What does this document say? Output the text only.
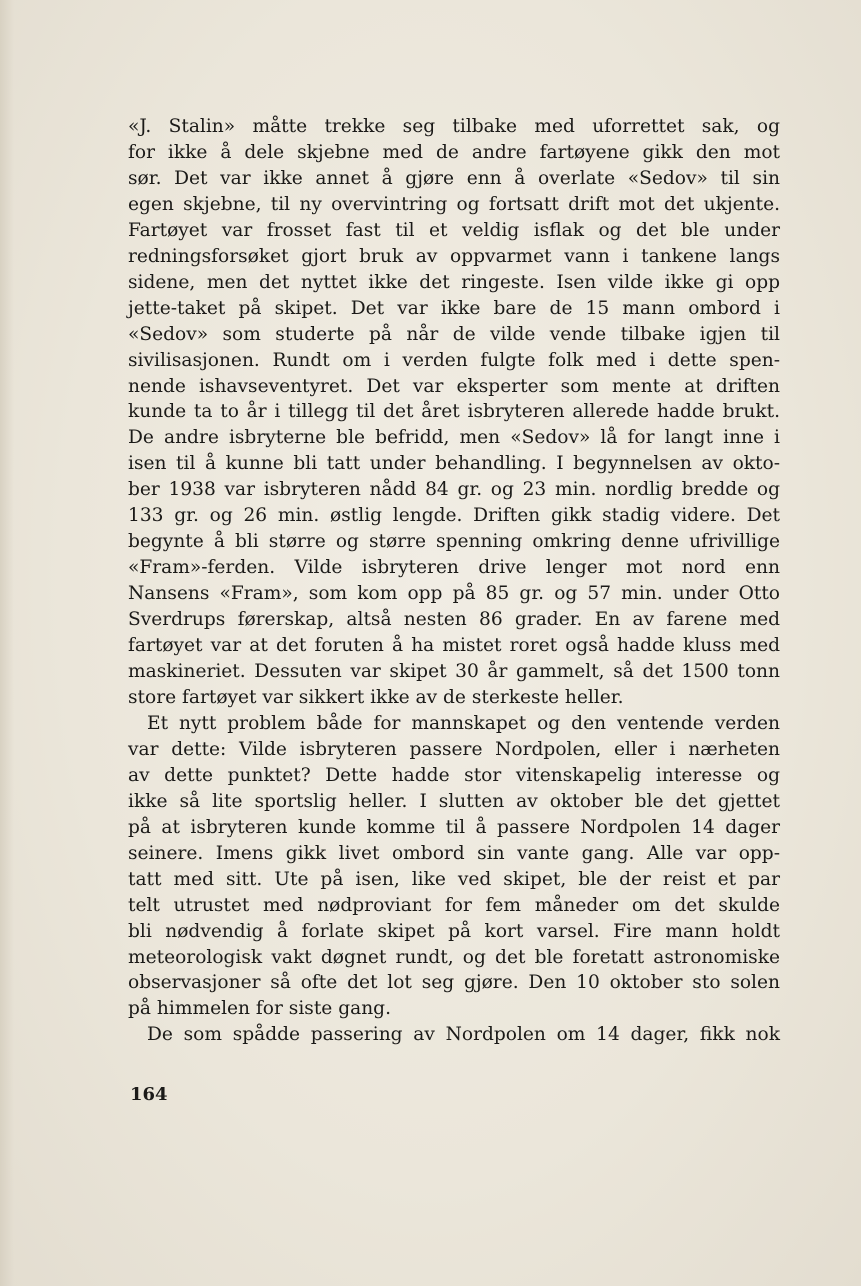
«J. Stalin» måtte trekke seg tilbake med uforrettet sak, og
for ikke å dele skjebne med de andre fartøyene gikk den mot
sør. Det var ikke annet å gjøre enn å overlate «Sedov» til sin
egen skjebne, til ny overvintring og fortsatt drift mot det ukjente.
Fartøyet var frosset fast til et veldig isflak og det ble under
redningsforsøket gjort bruk av oppvarmet vann i tankene langs
sidene, men det nyttet ikke det ringeste. Isen vilde ikke gi opp
jette-taket på skipet. Det var ikke bare de 15 mann ombord i
«Sedov» som studerte på når de vilde vende tilbake igjen til
sivilisasjonen. Rundt om i verden fulgte folk med i dette spen-
nende ishavseventyret. Det var eksperter som mente at driften
kunde ta to år i tillegg til det året isbryteren allerede hadde brukt.
De andre isbryterne ble befridd, men «Sedov» lå for langt inne i
isen til å kunne bli tatt under behandling. I begynnelsen av okto-
ber 1938 var isbryteren nådd 84 gr. og 23 min. nordlig bredde og
133 gr. og 26 min. østlig lengde. Driften gikk stadig videre. Det
begynte å bli større og større spenning omkring denne ufrivillige
«Fram»-ferden. Vilde isbryteren drive lenger mot nord enn
Nansens «Fram», som kom opp på 85 gr. og 57 min. under Otto
Sverdrups førerskap, altså nesten 86 grader. En av farene med
fartøyet var at det foruten å ha mistet roret også hadde kluss med
maskineriet. Dessuten var skipet 30 år gammelt, så det 1500 tonn
store fartøyet var sikkert ikke av de sterkeste heller.
Et nytt problem både for mannskapet og den ventende verden
var dette: Vilde isbryteren passere Nordpolen, eller i nærheten
av dette punktet? Dette hadde stor vitenskapelig interesse og
ikke så lite sportslig heller. I slutten av oktober ble det gjettet
på at isbryteren kunde komme til å passere Nordpolen 14 dager
seinere. Imens gikk livet ombord sin vante gang. Alle var opp-
tatt med sitt. Ute på isen, like ved skipet, ble der reist et par
telt utrustet med nødproviant for fem måneder om det skulde
bli nødvendig å forlate skipet på kort varsel. Fire mann holdt
meteorologisk vakt døgnet rundt, og det ble foretatt astronomiske
observasjoner så ofte det lot seg gjøre. Den 10 oktober sto solen
på himmelen for siste gang.
De som spådde passering av Nordpolen om 14 dager, fikk nok
164
